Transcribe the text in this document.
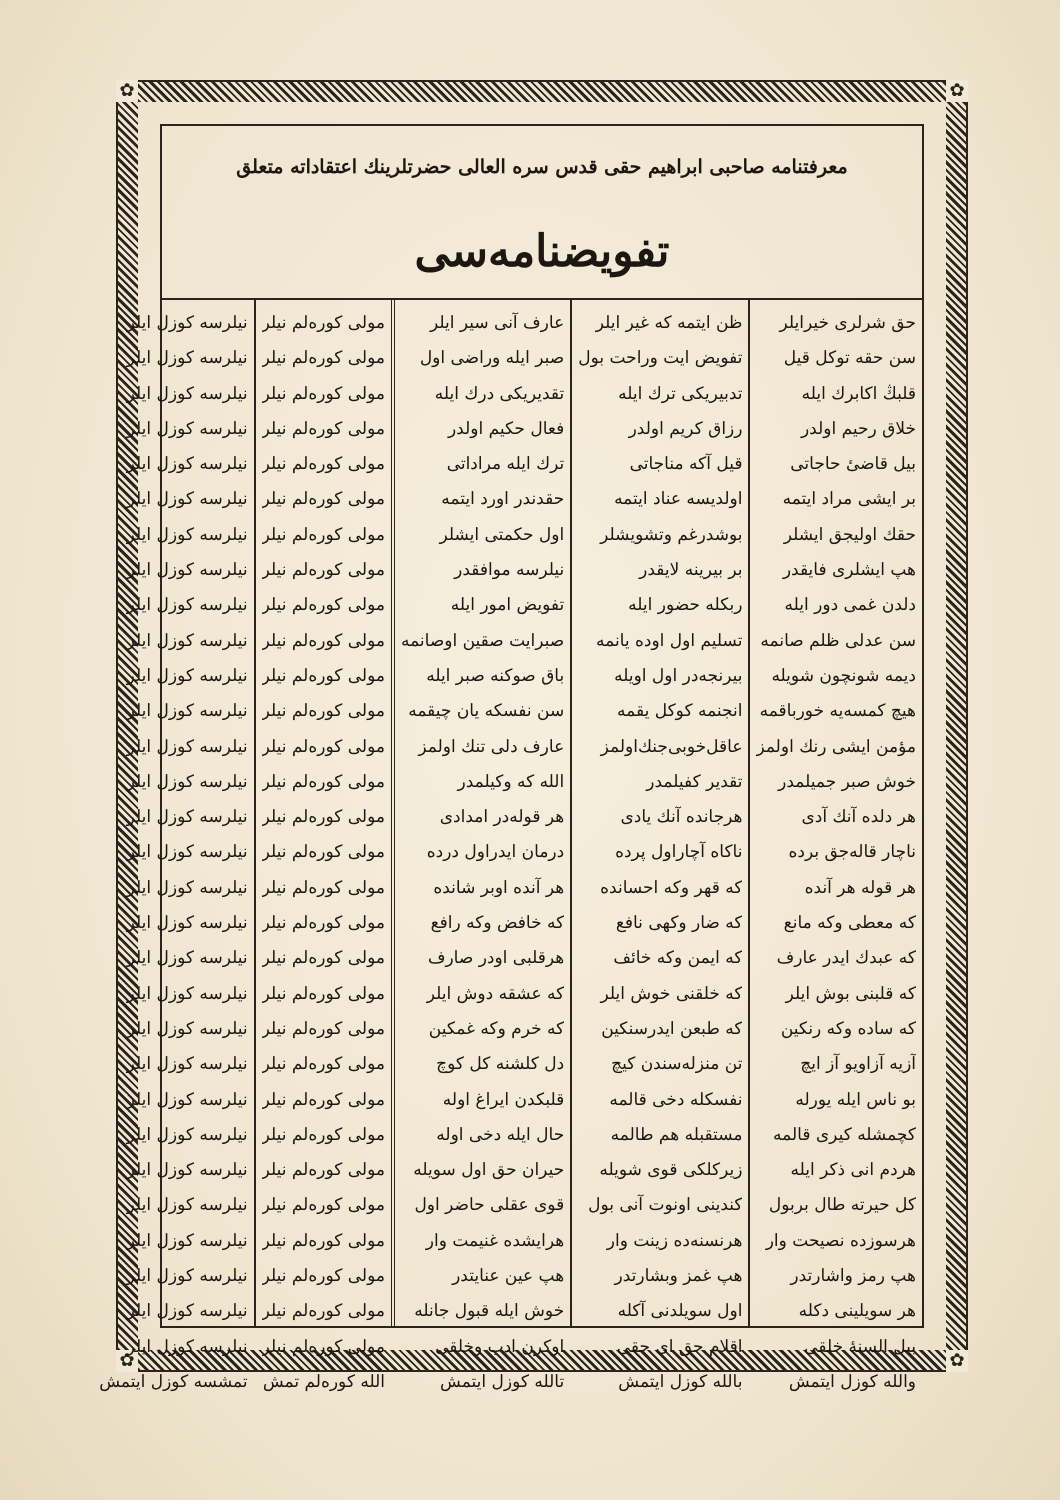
✿	✿
✿	✿
معرفتنامه صاحبی ابراهیم حقی قدس سره العالی حضرتلرینك اعتقاداته متعلق
تفویضنامه‌سی
حق شرلری خیرایلر
سن حقه توكل قیل
قلبڭ اكابرك ایله
خلاق رحیم اولدر
بیل قاضیٔ حاجاتی
بر ایشی مراد ایتمه
حقك اولیجق ایشلر
هپ ایشلری فایقدر
دلدن غمی دور ایله
سن عدلی ظلم صانمه
دیمه شونچون شویله
هیچ كمسه‌یه خورباقمه
مؤمن ایشی رنك اولمز
خوش صبر جمیلمدر
هر دلده آنك آدی
ناچار قالەجق برده
هر قوله هر آنده
كه معطی وكه مانع
كه عبدك ایدر عارف
كه قلبنی بوش ایلر
كه ساده وكه رنكین
آزیه آزاویو آز ایچ
بو ناس ایله یورله
كچمشله كیری قالمه
هردم انی ذكر ایله
كل حیرته طال بربول
هرسوزده نصیحت وار
هپ رمز واشارتدر
هر سویلینی دكله
بیل السنهٔ خلقی
والله كوزل ایتمش
ظن ایتمه كه غیر ایلر
تفویض ایت وراحت بول
تدبیریکی ترك ایله
رزاق كریم اولدر
قیل آكه مناجاتی
اولدیسه عناد ایتمه
بوشدرغم وتشویشلر
بر بیرینه لایقدر
ربكله حضور ایله
تسلیم اول اوده یانمه
بیرنجه‌در اول اویله
انجنمه كوكل یقمه
عاقل‌خوبی‌جنك‌اولمز
تقدیر كفیلمدر
هرجانده آنك یادی
ناكاه آچاراول پرده
كه قهر وكه احسانده
كه ضار وكهی نافع
كه ایمن وكه خائف
كه خلقنی خوش ایلر
كه طبعن ایدرسنكین
تن منزله‌سندن كیچ
نفسكله دخی قالمه
مستقبله هم طالمه
زیركلكی قوی شویله
كندینی اونوت آنی بول
هرنسنه‌ده زینت وار
هپ غمز وبشارتدر
اول سویلدنی آكله
اقلام حق ای حقی
بالله كوزل ایتمش
عارف آنی سیر ایلر
صبر ایله وراضی اول
تقدیریکی درك ایله
فعال حكیم اولدر
ترك ایله مراداتی
حقدندر اورد ایتمه
اول حكمتی ایشلر
نیلرسه موافقدر
تفویض امور ایله
صبرایت صقین اوصانمه
باق صوكنه صبر ایله
سن نفسكه یان چیقمه
عارف دلی تنك اولمز
الله كه وكیلمدر
هر قوله‌در امدادی
درمان ایدراول درده
هر آنده اوبر شانده
كه خافض وكه رافع
هرقلبی اودر صارف
كه عشقه دوش ایلر
كه خرم وكه غمكین
دل كلشنه كل كوچ
قلبكدن ایراغ اوله
حال ایله دخی اوله
حیران حق اول سویله
قوی عقلی حاضر اول
هرایشده غنیمت وار
هپ عین عنایتدر
خوش ایله قبول جانله
اوكرن ادب وخلقی
تالله كوزل ایتمش
مولی كوره‌لم نیلر
مولی كوره‌لم نیلر
مولی كوره‌لم نیلر
مولی كوره‌لم نیلر
مولی كوره‌لم نیلر
مولی كوره‌لم نیلر
مولی كوره‌لم نیلر
مولی كوره‌لم نیلر
مولی كوره‌لم نیلر
مولی كوره‌لم نیلر
مولی كوره‌لم نیلر
مولی كوره‌لم نیلر
مولی كوره‌لم نیلر
مولی كوره‌لم نیلر
مولی كوره‌لم نیلر
مولی كوره‌لم نیلر
مولی كوره‌لم نیلر
مولی كوره‌لم نیلر
مولی كوره‌لم نیلر
مولی كوره‌لم نیلر
مولی كوره‌لم نیلر
مولی كوره‌لم نیلر
مولی كوره‌لم نیلر
مولی كوره‌لم نیلر
مولی كوره‌لم نیلر
مولی كوره‌لم نیلر
مولی كوره‌لم نیلر
مولی كوره‌لم نیلر
مولی كوره‌لم نیلر
مولی كوره‌لم نیلر
الله كوره‌لم تمش
نیلرسه كوزل ایلر
نیلرسه كوزل ایلر
نیلرسه كوزل ایلر
نیلرسه كوزل ایلر
نیلرسه كوزل ایلر
نیلرسه كوزل ایلر
نیلرسه كوزل ایلر
نیلرسه كوزل ایلر
نیلرسه كوزل ایلر
نیلرسه كوزل ایلر
نیلرسه كوزل ایلر
نیلرسه كوزل ایلر
نیلرسه كوزل ایلر
نیلرسه كوزل ایلر
نیلرسه كوزل ایلر
نیلرسه كوزل ایلر
نیلرسه كوزل ایلر
نیلرسه كوزل ایلر
نیلرسه كوزل ایلر
نیلرسه كوزل ایلر
نیلرسه كوزل ایلر
نیلرسه كوزل ایلر
نیلرسه كوزل ایلر
نیلرسه كوزل ایلر
نیلرسه كوزل ایلر
نیلرسه كوزل ایلر
نیلرسه كوزل ایلر
نیلرسه كوزل ایلر
نیلرسه كوزل ایلر
نیلرسه كوزل ایلر
تمشسه كوزل ایتمش
